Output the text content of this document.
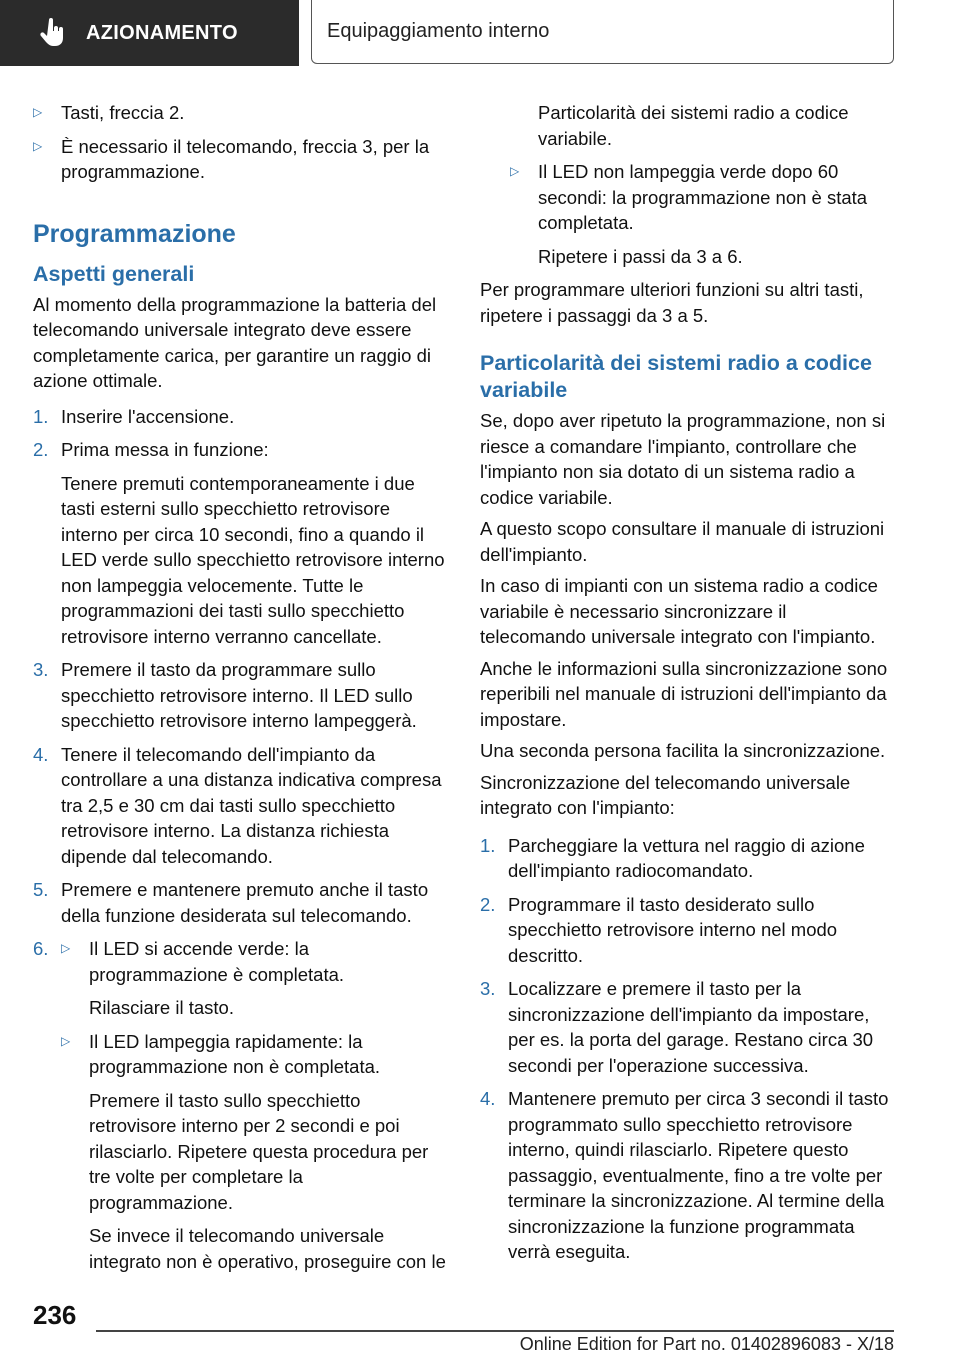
AZIONAMENTO	Equipaggiamento interno
▷	Tasti, freccia 2.
▷	È necessario il telecomando, freccia 3, per la programmazione.
Programmazione
Aspetti generali

Al momento della programmazione la batteria del telecomando universale integrato deve essere completamente carica, per garantire un raggio di azione ottimale.

1. Inserire l'accensione.
2. Prima messa in funzione:
Tenere premuti contemporaneamente i due tasti esterni sullo specchietto retrovisore interno per circa 10 secondi, fino a quando il LED verde sullo specchietto retrovisore interno non lampeggia velocemente. Tutte le programmazioni dei tasti sullo specchietto retrovisore interno verranno cancellate.
3. Premere il tasto da programmare sullo specchietto retrovisore interno. Il LED sullo specchietto retrovisore interno lampeggerà.
4. Tenere il telecomando dell'impianto da controllare a una distanza indicativa compresa tra 2,5 e 30 cm dai tasti sullo specchietto retrovisore interno. La distanza richiesta dipende dal telecomando.
5. Premere e mantenere premuto anche il tasto della funzione desiderata sul telecomando.
6.	▷	Il LED si accende verde: la programmazione è completata.
Rilasciare il tasto.
▷	Il LED lampeggia rapidamente: la programmazione non è completata.
Premere il tasto sullo specchietto retrovisore interno per 2 secondi e poi rilasciarlo. Ripetere questa procedura per tre volte per completare la programmazione.
Se invece il telecomando universale integrato non è operativo, proseguire con le
Particolarità dei sistemi radio a codice variabile.
▷	Il LED non lampeggia verde dopo 60 secondi: la programmazione non è stata completata.
Ripetere i passi da 3 a 6.

Per programmare ulteriori funzioni su altri tasti, ripetere i passaggi da 3 a 5.

Particolarità dei sistemi radio a codice variabile

Se, dopo aver ripetuto la programmazione, non si riesce a comandare l'impianto, controllare che l'impianto non sia dotato di un sistema radio a codice variabile.

A questo scopo consultare il manuale di istruzioni dell'impianto.

In caso di impianti con un sistema radio a codice variabile è necessario sincronizzare il telecomando universale integrato con l'impianto.

Anche le informazioni sulla sincronizzazione sono reperibili nel manuale di istruzioni dell'impianto da impostare.

Una seconda persona facilita la sincronizzazione.

Sincronizzazione del telecomando universale integrato con l'impianto:

1. Parcheggiare la vettura nel raggio di azione dell'impianto radiocomandato.
2. Programmare il tasto desiderato sullo specchietto retrovisore interno nel modo descritto.
3. Localizzare e premere il tasto per la sincronizzazione dell'impianto da impostare, per es. la porta del garage. Restano circa 30 secondi per l'operazione successiva.
4. Mantenere premuto per circa 3 secondi il tasto programmato sullo specchietto retrovisore interno, quindi rilasciarlo. Ripetere questo passaggio, eventualmente, fino a tre volte per terminare la sincronizzazione. Al termine della sincronizzazione la funzione programmata verrà eseguita.
236
Online Edition for Part no. 01402896083 - X/18
